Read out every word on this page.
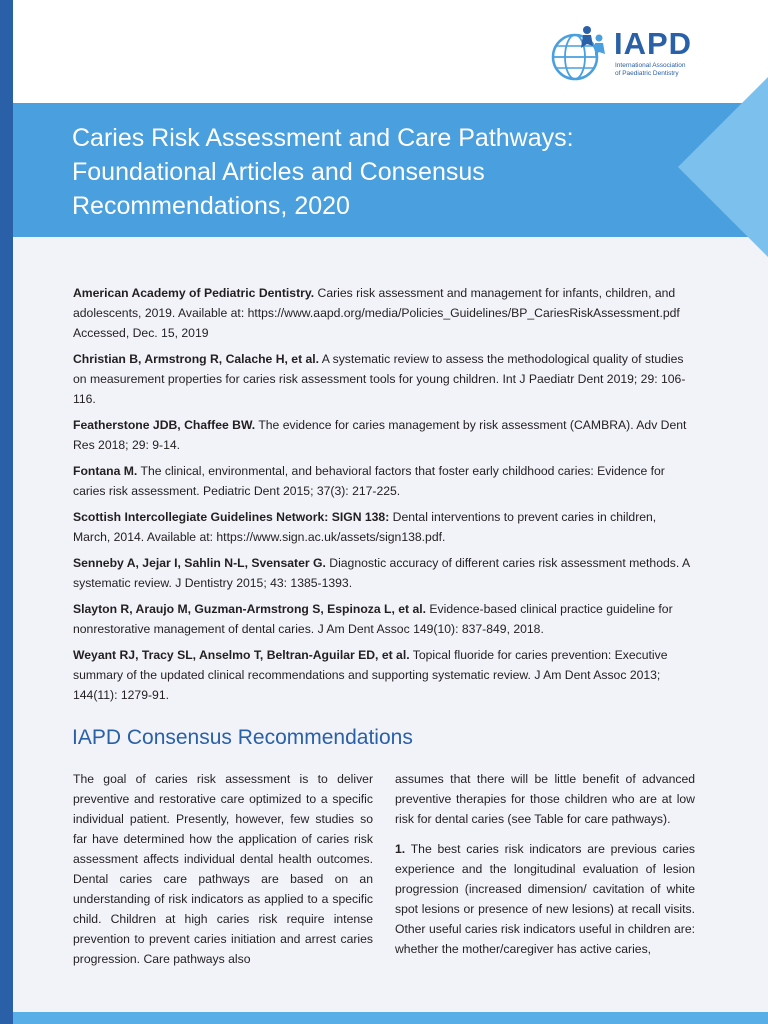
IAPD
International Association
of Paediatric Dentistry
Caries Risk Assessment and Care Pathways:
Foundational Articles and Consensus
Recommendations, 2020

American Academy of Pediatric Dentistry. Caries risk assessment and management for infants, children, and adolescents, 2019. Available at: https://www.aapd.org/media/Policies_Guidelines/BP_CariesRiskAssessment.pdf Accessed, Dec. 15, 2019

Christian B, Armstrong R, Calache H, et al. A systematic review to assess the methodological quality of studies on measurement properties for caries risk assessment tools for young children. Int J Paediatr Dent 2019; 29: 106-116.

Featherstone JDB, Chaffee BW. The evidence for caries management by risk assessment (CAMBRA). Adv Dent Res 2018; 29: 9-14.

Fontana M. The clinical, environmental, and behavioral factors that foster early childhood caries: Evidence for caries risk assessment. Pediatric Dent 2015; 37(3): 217-225.

Scottish Intercollegiate Guidelines Network: SIGN 138: Dental interventions to prevent caries in children, March, 2014. Available at: https://www.sign.ac.uk/assets/sign138.pdf.

Senneby A, Jejar I, Sahlin N-L, Svensater G. Diagnostic accuracy of different caries risk assessment methods. A systematic review. J Dentistry 2015; 43: 1385-1393.

Slayton R, Araujo M, Guzman-Armstrong S, Espinoza L, et al. Evidence-based clinical practice guideline for nonrestorative management of dental caries. J Am Dent Assoc 149(10): 837-849, 2018.

Weyant RJ, Tracy SL, Anselmo T, Beltran-Aguilar ED, et al. Topical fluoride for caries prevention: Executive summary of the updated clinical recommendations and supporting systematic review. J Am Dent Assoc 2013; 144(11): 1279-91.

IAPD Consensus Recommendations

The goal of caries risk assessment is to deliver preventive and restorative care optimized to a specific individual patient. Presently, however, few studies so far have determined how the application of caries risk assessment affects individual dental health outcomes. Dental caries care pathways are based on an understanding of risk indicators as applied to a specific child. Children at high caries risk require intense prevention to prevent caries initiation and arrest caries progression. Care pathways also

assumes that there will be little benefit of advanced preventive therapies for those children who are at low risk for dental caries (see Table for care pathways).

1. The best caries risk indicators are previous caries experience and the longitudinal evaluation of lesion progression (increased dimension/ cavitation of white spot lesions or presence of new lesions) at recall visits. Other useful caries risk indicators useful in children are: whether the mother/caregiver has active caries,
